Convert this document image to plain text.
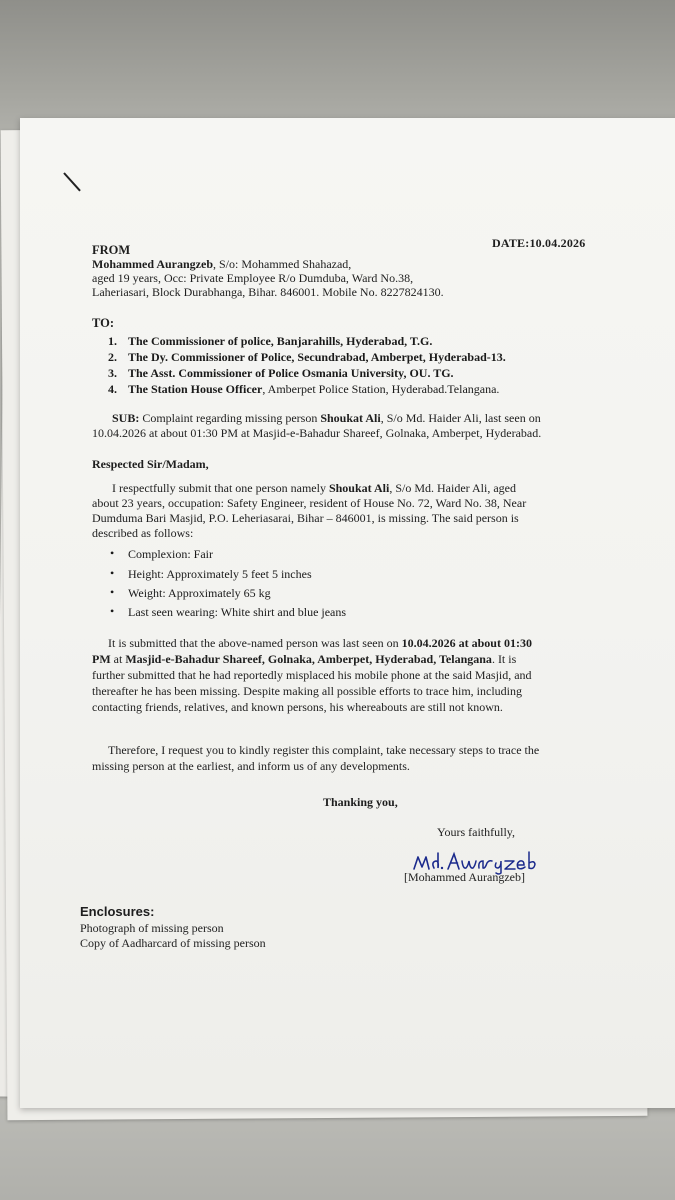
DATE:10.04.2026
FROM
Mohammed Aurangzeb, S/o: Mohammed Shahazad,
aged 19 years, Occ: Private Employee R/o Dumduba, Ward No.38,
Laheriasari, Block Durabhanga, Bihar. 846001. Mobile No. 8227824130.
TO:
1. The Commissioner of police, Banjarahills, Hyderabad, T.G.
2. The Dy. Commissioner of Police, Secundrabad, Amberpet, Hyderabad-13.
3. The Asst. Commissioner of Police Osmania University, OU. TG.
4. The Station House Officer, Amberpet Police Station, Hyderabad.Telangana.
SUB: Complaint regarding missing person Shoukat Ali, S/o Md. Haider Ali, last seen on
10.04.2026 at about 01:30 PM at Masjid-e-Bahadur Shareef, Golnaka, Amberpet, Hyderabad.
Respected Sir/Madam,
I respectfully submit that one person namely Shoukat Ali, S/o Md. Haider Ali, aged
about 23 years, occupation: Safety Engineer, resident of House No. 72, Ward No. 38, Near
Dumduma Bari Masjid, P.O. Leheriasarai, Bihar – 846001, is missing. The said person is
described as follows:
• Complexion: Fair
• Height: Approximately 5 feet 5 inches
• Weight: Approximately 65 kg
• Last seen wearing: White shirt and blue jeans
It is submitted that the above-named person was last seen on 10.04.2026 at about 01:30
PM at Masjid-e-Bahadur Shareef, Golnaka, Amberpet, Hyderabad, Telangana. It is
further submitted that he had reportedly misplaced his mobile phone at the said Masjid, and
thereafter he has been missing. Despite making all possible efforts to trace him, including
contacting friends, relatives, and known persons, his whereabouts are still not known.
Therefore, I request you to kindly register this complaint, take necessary steps to trace the
missing person at the earliest, and inform us of any developments.
Thanking you,
Yours faithfully,
[Mohammed Aurangzeb]
Enclosures:
Photograph of missing person
Copy of Aadharcard of missing person
